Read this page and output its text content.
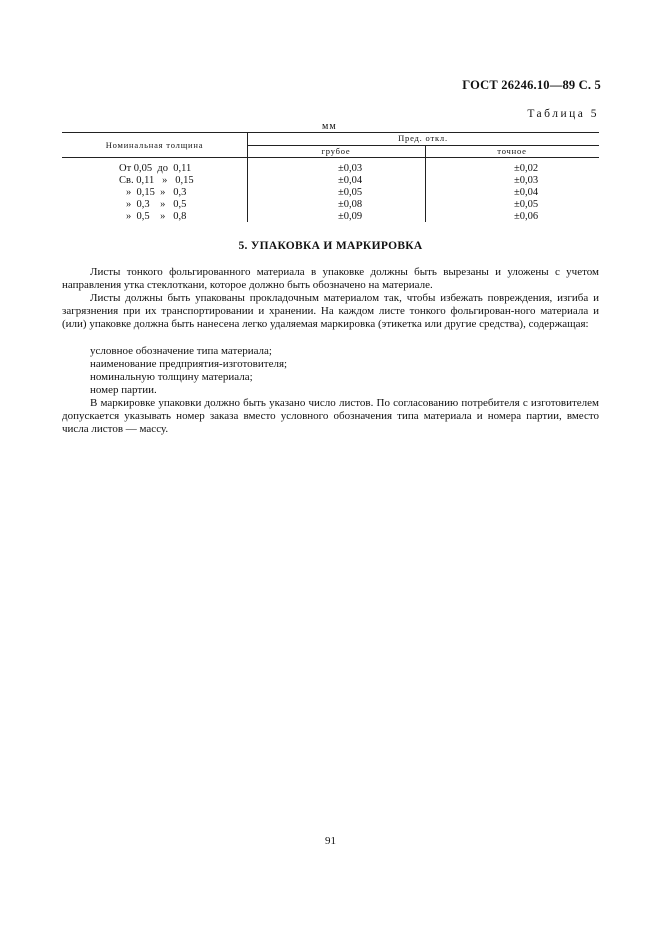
ГОСТ 26246.10—89 С. 5
Таблица 5
мм
Номинальная толщина
Пред. откл.
грубое	точное
От 0,05  до  0,11	±0,03	±0,02
Св. 0,11   »   0,15	±0,04	±0,03
»  0,15  »   0,3	±0,05	±0,04
»  0,3    »   0,5	±0,08	±0,05
»  0,5    »   0,8	±0,09	±0,06
5. УПАКОВКА И МАРКИРОВКА
Листы тонкого фольгированного материала в упаковке должны быть вырезаны и уложены с учетом направления утка стеклоткани, которое должно быть обозначено на материале.
Листы должны быть упакованы прокладочным материалом так, чтобы избежать повреждения, изгиба и загрязнения при их транспортировании и хранении. На каждом листе тонкого фольгирован-ного материала и (или) упаковке должна быть нанесена легко удаляемая маркировка (этикетка или другие средства), содержащая:
условное обозначение типа материала;
наименование предприятия-изготовителя;
номинальную толщину материала;
номер партии.
В маркировке упаковки должно быть указано число листов. По согласованию потребителя с изготовителем допускается указывать номер заказа вместо условного обозначения типа материала и номера партии, вместо числа листов — массу.
91
